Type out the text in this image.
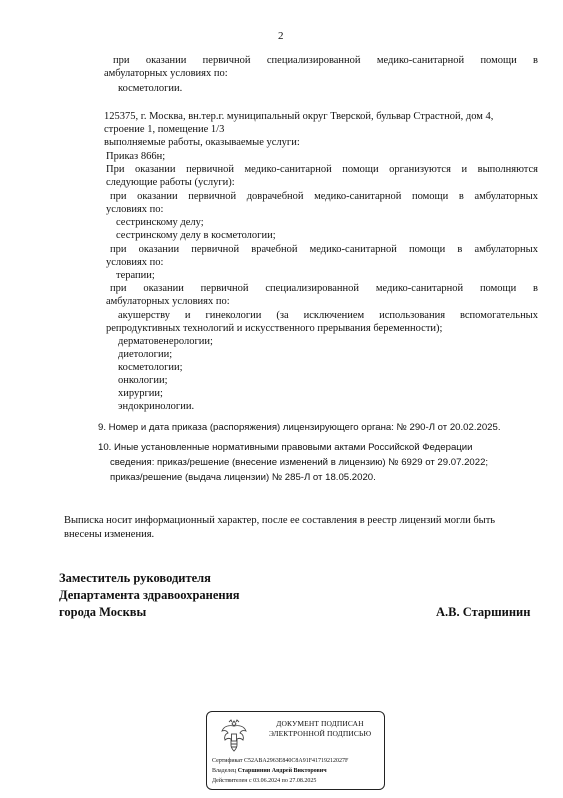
2
при оказании первичной специализированной медико-санитарной помощи в
амбулаторных условиях по:
косметологии.
125375, г. Москва, вн.тер.г. муниципальный округ Тверской, бульвар Страстной, дом 4,
строение 1, помещение 1/3
выполняемые работы, оказываемые услуги:
Приказ 866н;
При оказании первичной медико-санитарной помощи организуются и выполняются
следующие работы (услуги):
при оказании первичной доврачебной медико-санитарной помощи в амбулаторных
условиях по:
сестринскому делу;
сестринскому делу в косметологии;
при оказании первичной врачебной медико-санитарной помощи в амбулаторных
условиях по:
терапии;
при оказании первичной специализированной медико-санитарной помощи в
амбулаторных условиях по:
акушерству и гинекологии (за исключением использования вспомогательных
репродуктивных технологий и искусственного прерывания беременности);
дерматовенерологии;
диетологии;
косметологии;
онкологии;
хирургии;
эндокринологии.
9. Номер и дата приказа (распоряжения) лицензирующего органа: № 290-Л от 20.02.2025.
10. Иные установленные нормативными правовыми актами Российской Федерации
сведения: приказ/решение (внесение изменений в лицензию) № 6929 от 29.07.2022;
приказ/решение (выдача лицензии) № 285-Л от 18.05.2020.
Выписка носит информационный характер, после ее составления в реестр лицензий могли быть
внесены изменения.
Заместитель руководителя
Департамента здравоохранения
города Москвы	А.В. Старшинин
ДОКУМЕНТ ПОДПИСАН
ЭЛЕКТРОННОЙ ПОДПИСЬЮ
Сертификат C52ABA2963E840C8A91F41719212027F
Владелец Старшинин Андрей Викторович
Действителен с 03.06.2024 по 27.08.2025
